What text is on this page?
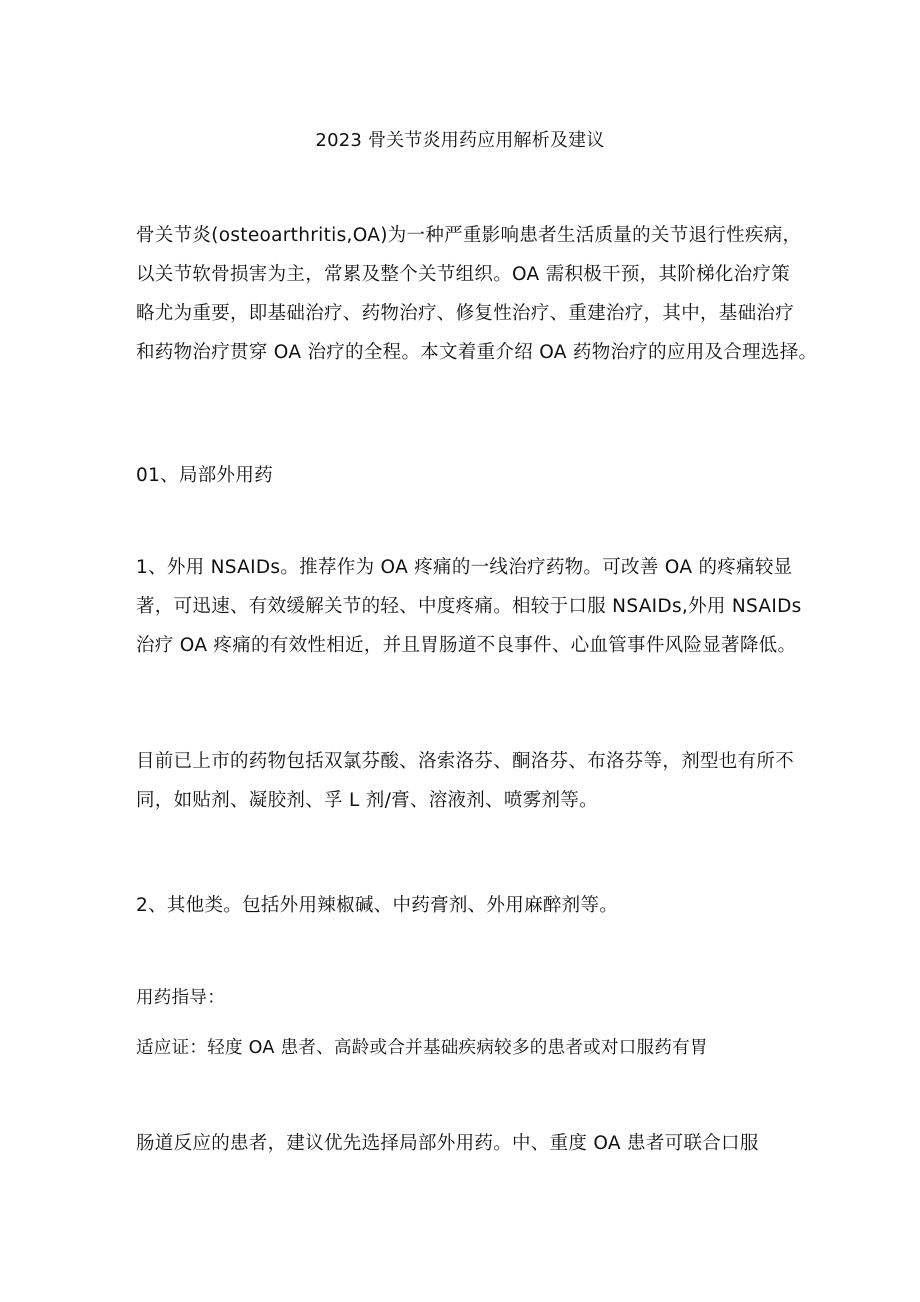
2023 骨关节炎用药应用解析及建议

骨关节炎(osteoarthritis,OA)为一种严重影响患者生活质量的关节退行性疾病，
以关节软骨损害为主，常累及整个关节组织。OA 需积极干预，其阶梯化治疗策
略尤为重要，即基础治疗、药物治疗、修复性治疗、重建治疗，其中，基础治疗
和药物治疗贯穿 OA 治疗的全程。本文着重介绍 OA 药物治疗的应用及合理选择。

01、局部外用药

1、外用 NSAIDs。推荐作为 OA 疼痛的一线治疗药物。可改善 OA 的疼痛较显
著，可迅速、有效缓解关节的轻、中度疼痛。相较于口服 NSAIDs,外用 NSAIDs
治疗 OA 疼痛的有效性相近，并且胃肠道不良事件、心血管事件风险显著降低。

目前已上市的药物包括双氯芬酸、洛索洛芬、酮洛芬、布洛芬等，剂型也有所不
同，如贴剂、凝胶剂、孚 L 剂/膏、溶液剂、喷雾剂等。

2、其他类。包括外用辣椒碱、中药膏剂、外用麻醉剂等。

用药指导：

适应证：轻度 OA 患者、高龄或合并基础疾病较多的患者或对口服药有胃

肠道反应的患者，建议优先选择局部外用药。中、重度 OA 患者可联合口服
